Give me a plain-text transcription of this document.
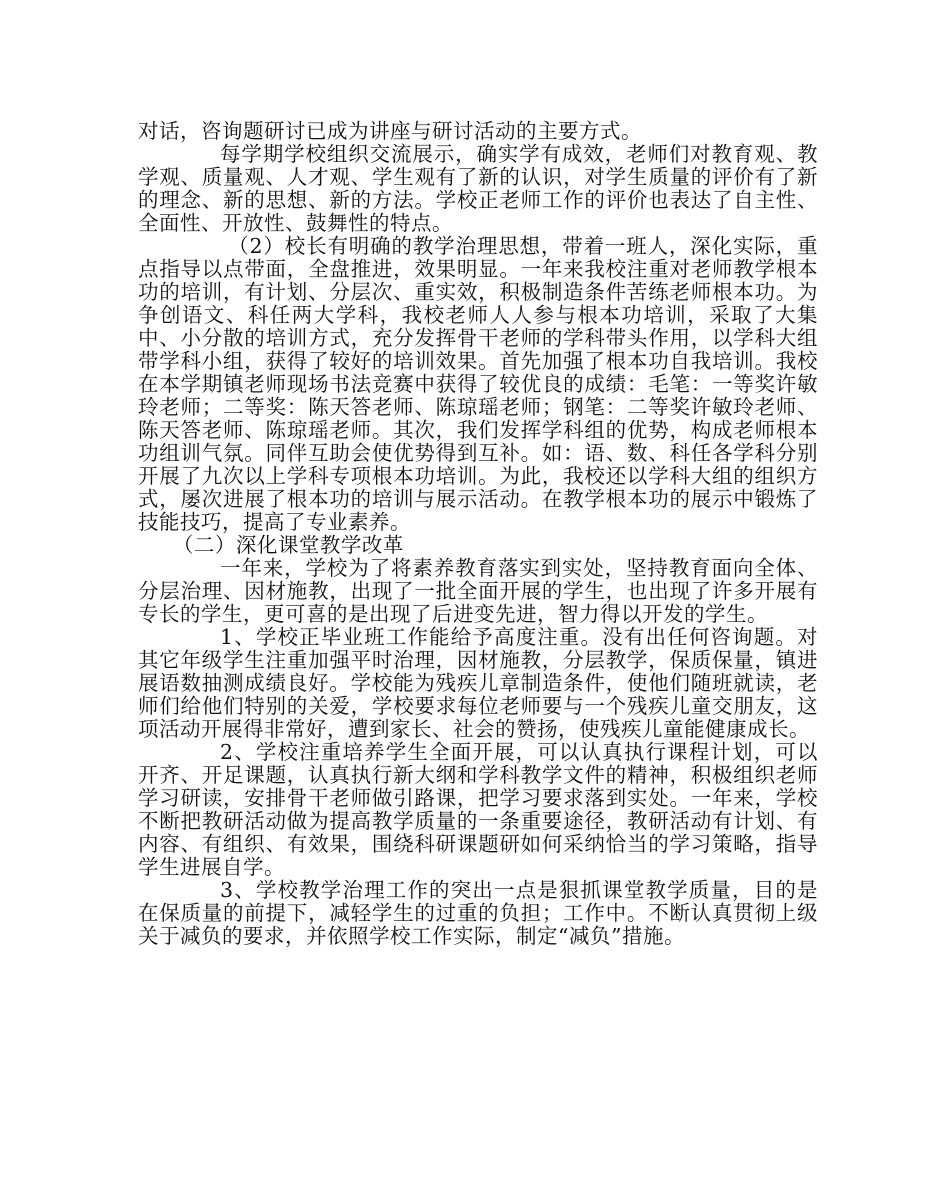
对话，咨询题研讨已成为讲座与研讨活动的主要方式。

每学期学校组织交流展示，确实学有成效，老师们对教育观、教学观、质量观、人才观、学生观有了新的认识，对学生质量的评价有了新的理念、新的思想、新的方法。学校正老师工作的评价也表达了自主性、全面性、开放性、鼓舞性的特点。

（2）校长有明确的教学治理思想，带着一班人，深化实际，重点指导以点带面，全盘推进，效果明显。一年来我校注重对老师教学根本功的培训，有计划、分层次、重实效，积极制造条件苦练老师根本功。为争创语文、科任两大学科，我校老师人人参与根本功培训，采取了大集中、小分散的培训方式，充分发挥骨干老师的学科带头作用，以学科大组带学科小组，获得了较好的培训效果。首先加强了根本功自我培训。我校在本学期镇老师现场书法竞赛中获得了较优良的成绩：毛笔：一等奖许敏玲老师；二等奖：陈天答老师、陈琼瑶老师；钢笔：二等奖许敏玲老师、陈天答老师、陈琼瑶老师。其次，我们发挥学科组的优势，构成老师根本功组训气氛。同伴互助会使优势得到互补。如：语、数、科任各学科分别开展了九次以上学科专项根本功培训。为此，我校还以学科大组的组织方式，屡次进展了根本功的培训与展示活动。在教学根本功的展示中锻炼了技能技巧，提高了专业素养。

（二）深化课堂教学改革

一年来，学校为了将素养教育落实到实处，坚持教育面向全体、分层治理、因材施教，出现了一批全面开展的学生，也出现了许多开展有专长的学生，更可喜的是出现了后进变先进，智力得以开发的学生。

1、学校正毕业班工作能给予高度注重。没有出任何咨询题。对其它年级学生注重加强平时治理，因材施教，分层教学，保质保量，镇进展语数抽测成绩良好。学校能为残疾儿章制造条件，使他们随班就读，老师们给他们特别的关爱，学校要求每位老师要与一个残疾儿童交朋友，这项活动开展得非常好，遭到家长、社会的赞扬，使残疾儿童能健康成长。

2、学校注重培养学生全面开展，可以认真执行课程计划，可以开齐、开足课题，认真执行新大纲和学科教学文件的精神，积极组织老师学习研读，安排骨干老师做引路课，把学习要求落到实处。一年来，学校不断把教研活动做为提高教学质量的一条重要途径，教研活动有计划、有内容、有组织、有效果，围绕科研课题研如何采纳恰当的学习策略，指导学生进展自学。

3、学校教学治理工作的突出一点是狠抓课堂教学质量，目的是在保质量的前提下，减轻学生的过重的负担；工作中。不断认真贯彻上级关于减负的要求，并依照学校工作实际，制定“减负”措施。
